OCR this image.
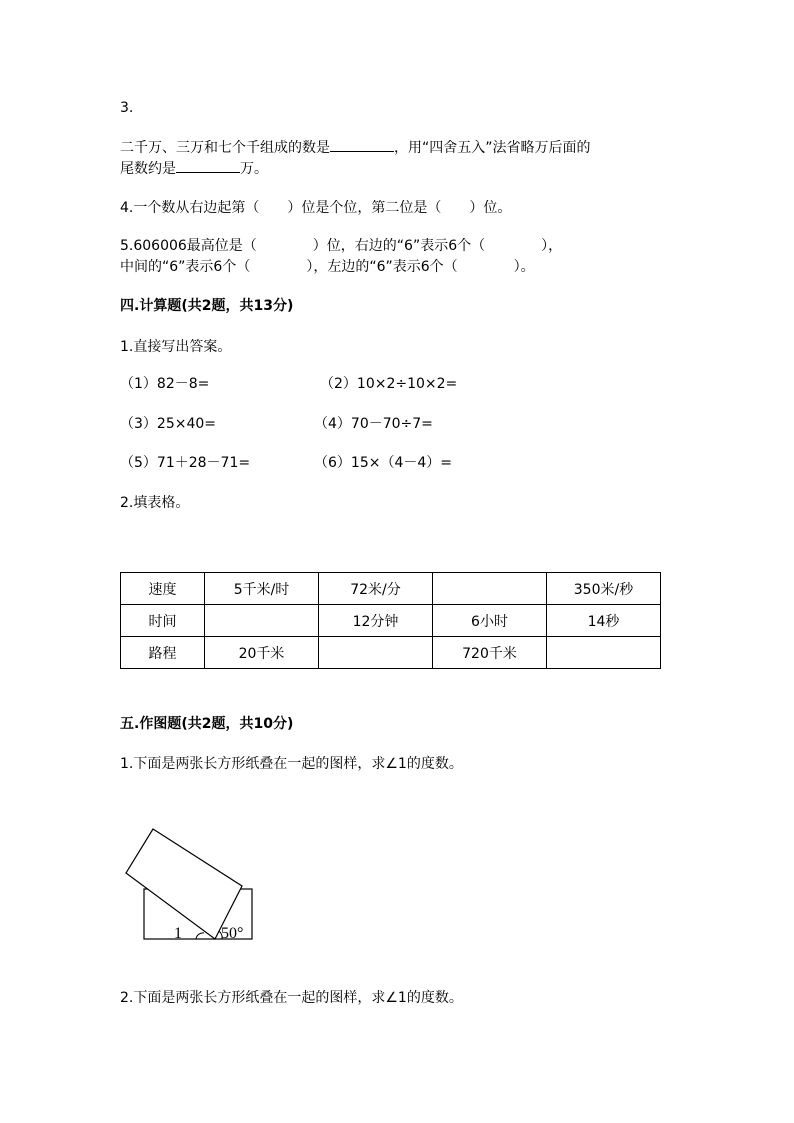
3.
二千万、三万和七个千组成的数是	，用“四舍五入”法省略万后面的
尾数约是	万。
4.一个数从右边起第（　　）位是个位，第二位是（　　）位。
5.606006最高位是（　　　　）位，右边的“6”表示6个（　　　　），
中间的“6”表示6个（　　　　），左边的“6”表示6个（　　　　）。
四.计算题(共2题，共13分)
1.直接写出答案。
（1）82－8=	（2）10×2÷10×2=
（3）25×40=	（4）70－70÷7=
（5）71＋28－71=	（6）15×（4－4）=
2.填表格。
速度	5千米/时	72米/分		350米/秒
时间		12分钟	6小时	14秒
路程	20千米		720千米	
五.作图题(共2题，共10分)
1.下面是两张长方形纸叠在一起的图样，求∠1的度数。
1 50°
2.下面是两张长方形纸叠在一起的图样，求∠1的度数。
